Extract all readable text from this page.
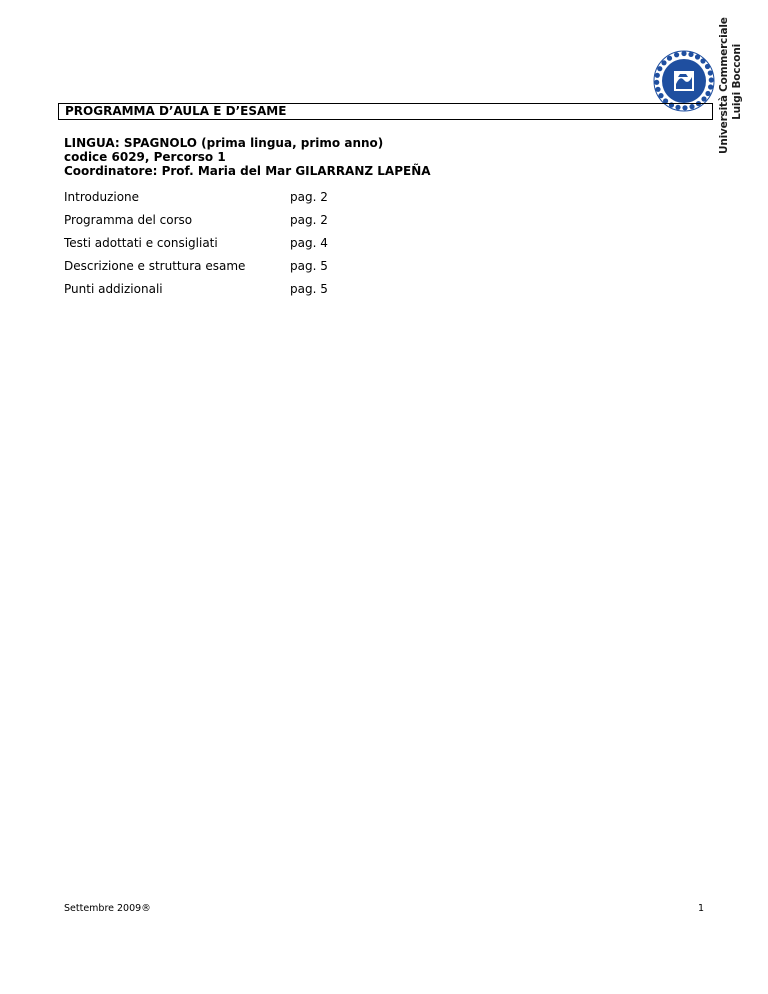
Università Commerciale Luigi Bocconi
PROGRAMMA D’AULA E D’ESAME
LINGUA: SPAGNOLO (prima lingua, primo anno)
codice 6029, Percorso 1
Coordinatore: Prof. Maria del Mar GILARRANZ LAPEÑA
Introduzione	pag. 2
Programma del corso	pag. 2
Testi adottati e consigliati	pag. 4
Descrizione e struttura esame	pag. 5
Punti addizionali	pag. 5
Settembre 2009®	1
